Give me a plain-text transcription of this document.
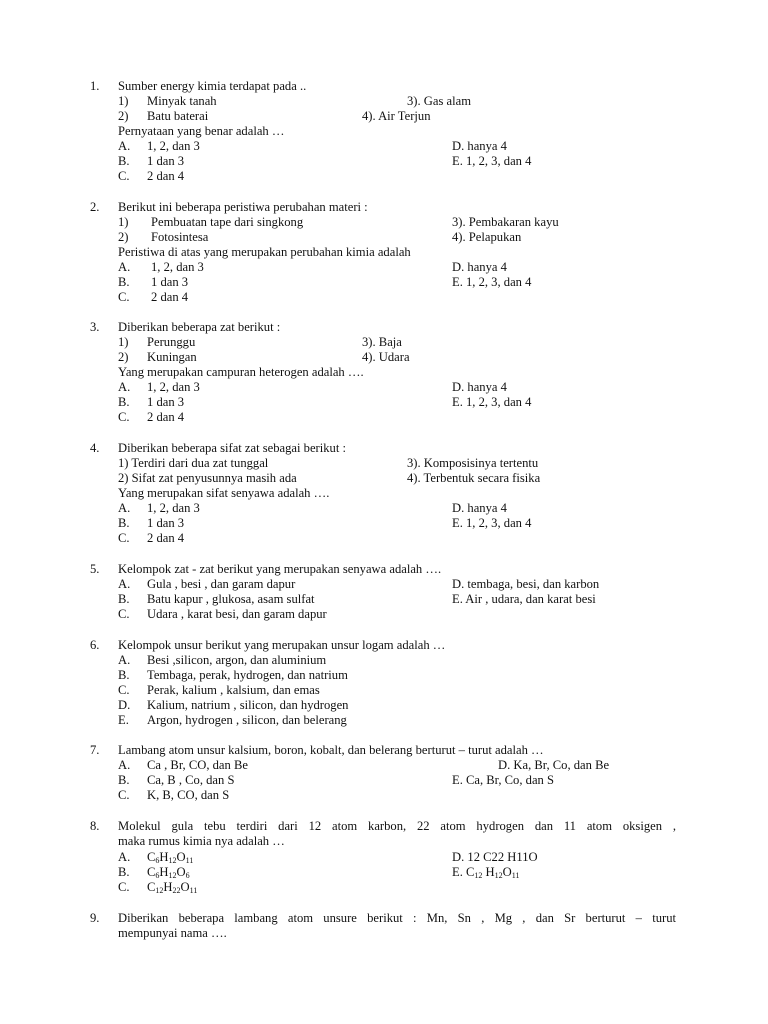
1. Sumber energy kimia terdapat pada ..
1) Minyak tanah	3). Gas alam
2) Batu baterai	4). Air Terjun
Pernyataan yang benar adalah …
A. 1, 2, dan 3	D. hanya 4
B. 1 dan 3	E. 1, 2, 3, dan 4
C. 2 dan 4
2. Berikut ini beberapa peristiwa perubahan materi :
1) Pembuatan tape dari singkong	3). Pembakaran kayu
2) Fotosintesa	4). Pelapukan
Peristiwa di atas yang merupakan perubahan kimia adalah
A. 1, 2, dan 3	D. hanya 4
B. 1 dan 3	E. 1, 2, 3, dan 4
C. 2 dan 4
3. Diberikan beberapa zat berikut :
1) Perunggu	3). Baja
2) Kuningan	4). Udara
Yang merupakan campuran heterogen adalah ….
A. 1, 2, dan 3	D. hanya 4
B. 1 dan 3	E. 1, 2, 3, dan 4
C. 2 dan 4
4. Diberikan beberapa sifat zat sebagai berikut :
1) Terdiri dari dua zat tunggal	3). Komposisinya tertentu
2) Sifat zat penyusunnya masih ada	4). Terbentuk secara fisika
Yang merupakan sifat senyawa adalah ….
A. 1, 2, dan 3	D. hanya 4
B. 1 dan 3	E. 1, 2, 3, dan 4
C. 2 dan 4
5. Kelompok zat - zat berikut yang merupakan senyawa adalah ….
A. Gula , besi , dan garam dapur	D. tembaga, besi, dan karbon
B. Batu kapur , glukosa, asam sulfat	E. Air , udara, dan karat besi
C. Udara , karat besi, dan garam dapur
6. Kelompok unsur berikut yang merupakan unsur logam adalah …
A. Besi ,silicon, argon, dan aluminium
B. Tembaga, perak, hydrogen, dan natrium
C. Perak, kalium , kalsium, dan emas
D. Kalium, natrium , silicon, dan hydrogen
E. Argon, hydrogen , silicon, dan belerang
7. Lambang atom unsur kalsium, boron, kobalt, dan belerang berturut – turut adalah …
A. Ca , Br, CO, dan Be	D. Ka, Br, Co, dan Be
B. Ca, B , Co, dan S	E. Ca, Br, Co, dan S
C. K, B, CO, dan S
8. Molekul gula tebu terdiri dari 12 atom karbon, 22 atom hydrogen dan 11 atom oksigen ,
maka rumus kimia nya adalah …
A. $C_6H_{12}O_{11}$	D. 12 C22 H11O
B. $C_6H_{12}O_6$	E. $C_{12}$ $H_{12}O_{11}$
C. $C_{12}H_{22}O_{11}$
9. Diberikan beberapa lambang atom unsure berikut : Mn, Sn , Mg , dan Sr berturut – turut
mempunyai nama ….
